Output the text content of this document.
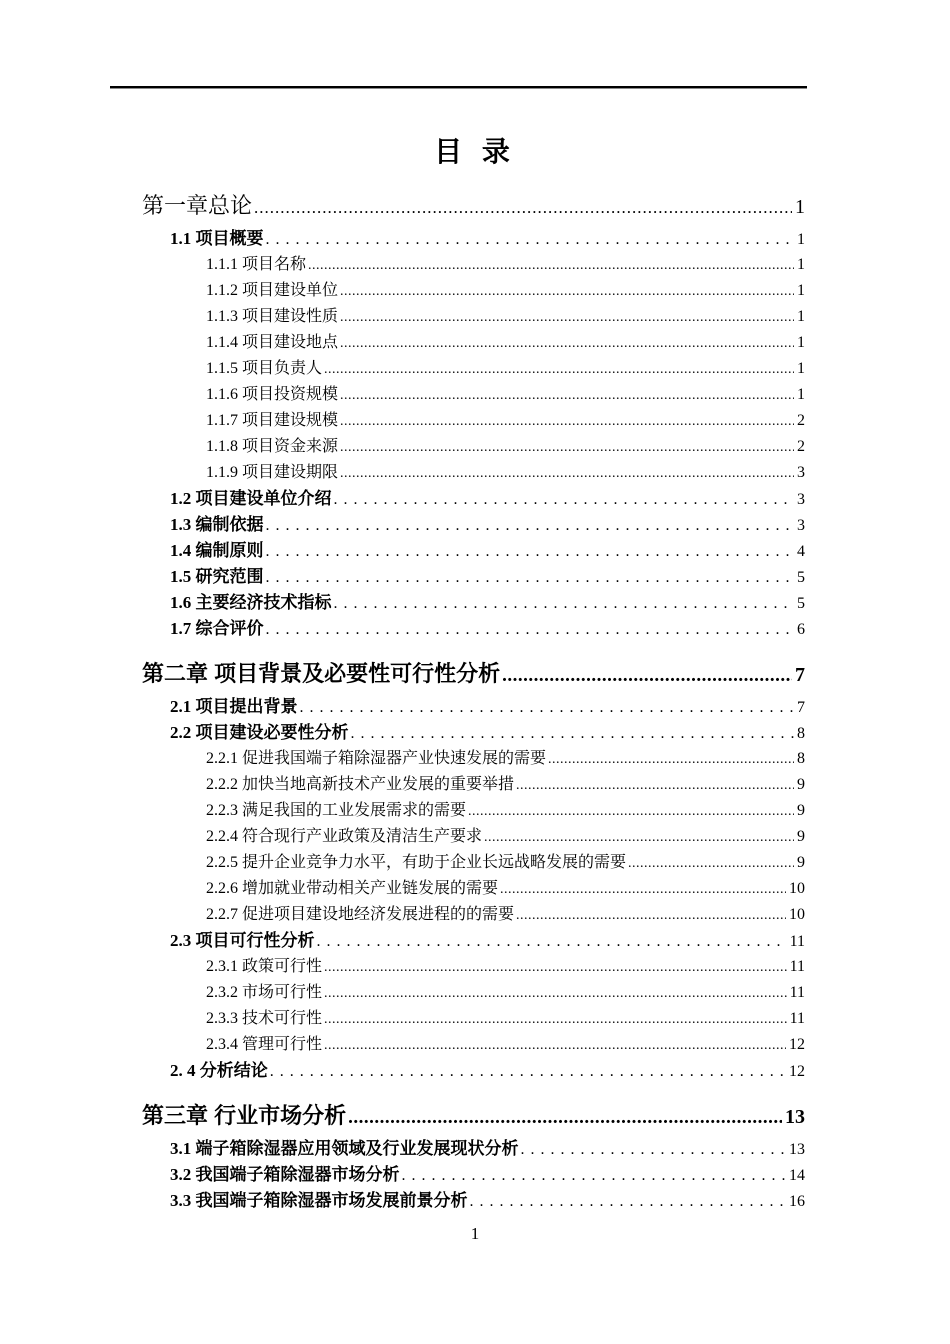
目 录
第一章总论 .....	1
1.1 项目概要 . . .	1
1.1.1 项目名称 .....	1
1.1.2 项目建设单位 .....	1
1.1.3 项目建设性质 .....	1
1.1.4 项目建设地点 .....	1
1.1.5 项目负责人 .....	1
1.1.6 项目投资规模 .....	1
1.1.7 项目建设规模 .....	2
1.1.8 项目资金来源 .....	2
1.1.9 项目建设期限 .....	3
1.2 项目建设单位介绍 . . .	3
1.3 编制依据 . . .	3
1.4 编制原则 . . .	4
1.5 研究范围 . . .	5
1.6 主要经济技术指标 . . .	5
1.7 综合评价 . . .	6
第二章 项目背景及必要性可行性分析 .....	7
2.1 项目提出背景 . . .	7
2.2 项目建设必要性分析 . . .	8
2.2.1 促进我国端子箱除湿器产业快速发展的需要 .....	8
2.2.2 加快当地高新技术产业发展的重要举措 .....	9
2.2.3 满足我国的工业发展需求的需要 .....	9
2.2.4 符合现行产业政策及清洁生产要求 .....	9
2.2.5 提升企业竞争力水平，有助于企业长远战略发展的需要 .....	9
2.2.6 增加就业带动相关产业链发展的需要 .....	10
2.2.7 促进项目建设地经济发展进程的的需要 .....	10
2.3 项目可行性分析 . . .	11
2.3.1 政策可行性 .....	11
2.3.2 市场可行性 .....	11
2.3.3 技术可行性 .....	11
2.3.4 管理可行性 .....	12
2. 4 分析结论 . . .	12
第三章 行业市场分析 .....	13
3.1 端子箱除湿器应用领域及行业发展现状分析 . . .	13
3.2 我国端子箱除湿器市场分析 . . .	14
3.3 我国端子箱除湿器市场发展前景分析 . . .	16
1
